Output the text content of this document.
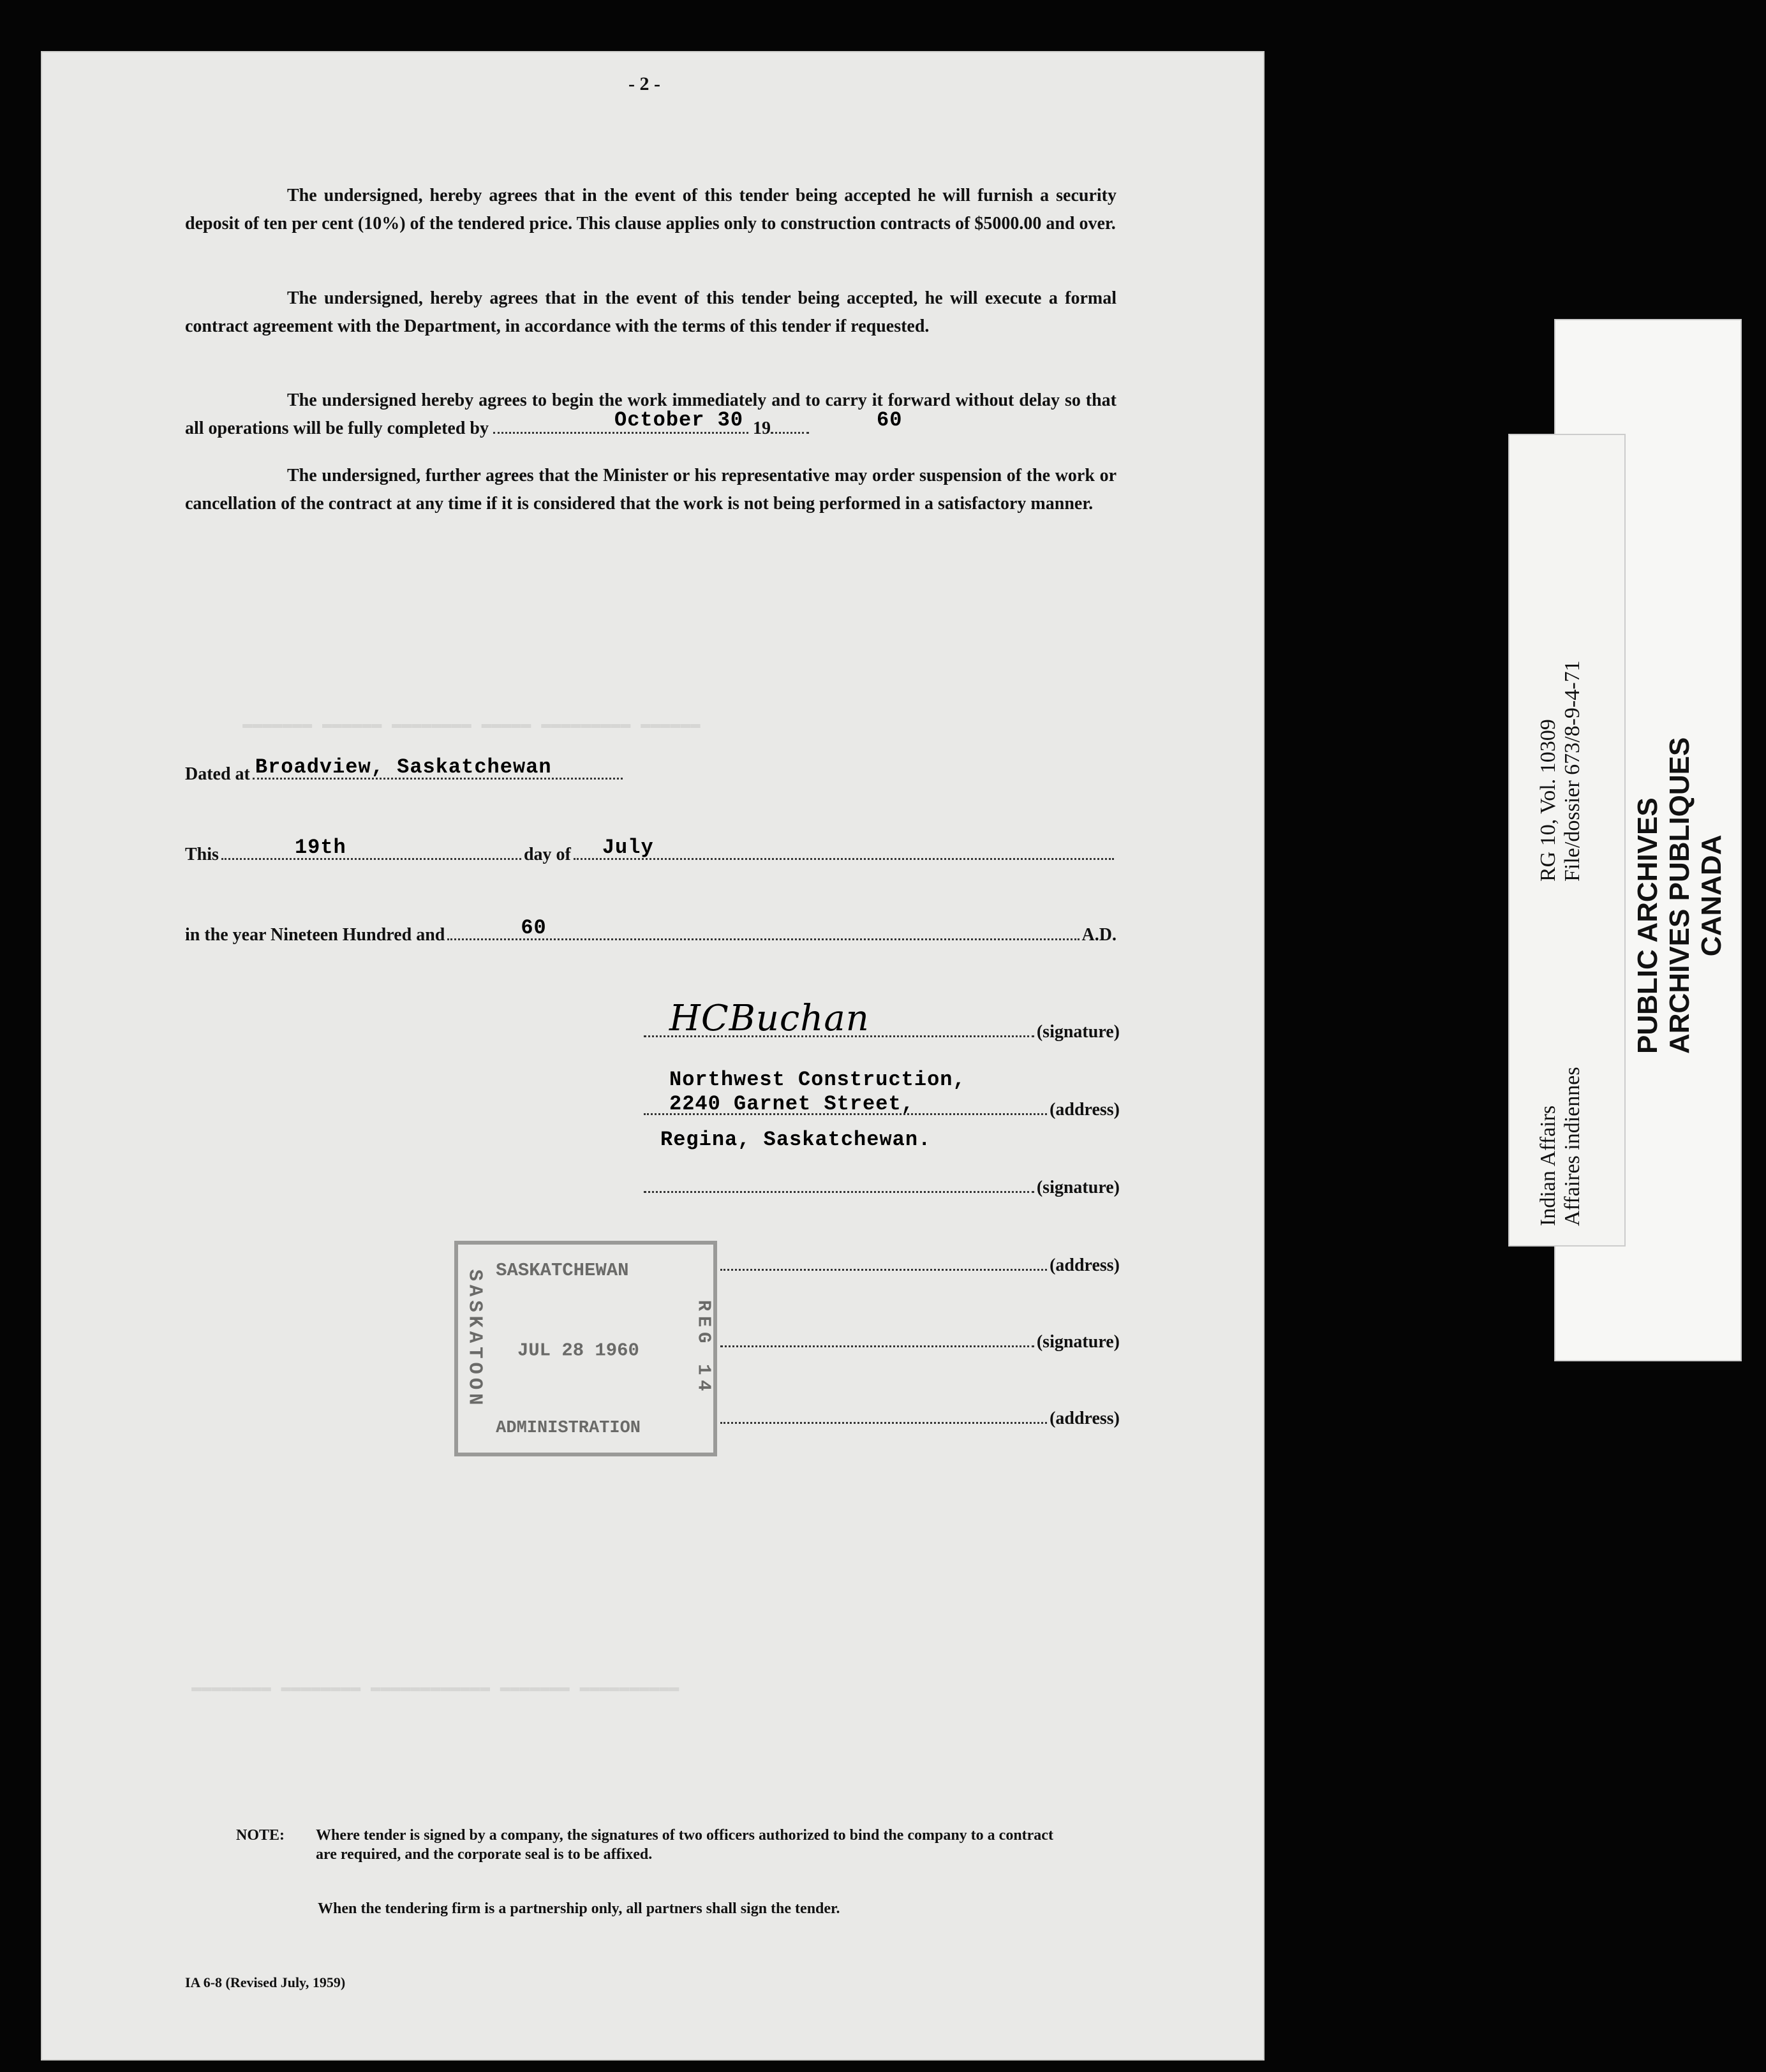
▬▬▬▬▬▬▬ ▬▬▬▬▬▬ ▬▬▬▬▬▬▬▬ ▬▬▬▬▬ ▬▬▬▬▬▬▬▬▬ ▬▬▬▬▬▬
▬▬▬▬▬▬▬▬ ▬▬▬▬▬▬▬▬ ▬▬▬▬▬▬▬▬▬▬▬▬ ▬▬▬▬▬▬▬ ▬▬▬▬▬▬▬▬▬▬
- 2 -

The undersigned, hereby agrees that in the event of this tender being accepted he will furnish a security deposit of ten per cent (10%) of the tendered price. This clause applies only to construction contracts of $5000.00 and over.

The undersigned, hereby agrees that in the event of this tender being accepted, he will execute a formal contract agreement with the Department, in accordance with the terms of this tender if requested.

The undersigned hereby agrees to begin the work immediately and to carry it forward without delay so that all operations will be fully completed by	October 30 19	60

The undersigned, further agrees that the Minister or his representative may order suspension of the work or cancellation of the contract at any time if it is considered that the work is not being performed in a satisfactory manner.

Dated at Broadview, Saskatchewan
This	19th	day of July
in the year Nineteen Hundred and	60	A.D.
HCBuchan	(signature)
Northwest Construction,
2240 Garnet Street,	(address)
Regina, Saskatchewan.
(signature)
(address)
(signature)
(address)
SASKATCHEWAN
SASKATOON JUL 28 1960	REG 14
ADMINISTRATION
NOTE: Where tender is signed by a company, the signatures of two officers authorized to bind the company to a contract are required, and the corporate seal is to be affixed.
When the tendering firm is a partnership only, all partners shall sign the tender.
IA 6-8 (Revised July, 1959)
PUBLIC ARCHIVES ARCHIVES PUBLIQUES CANADA
Indian Affairs Affaires indiennes
RG 10, Vol. 10309 File/dossier 673/8-9-4-71
